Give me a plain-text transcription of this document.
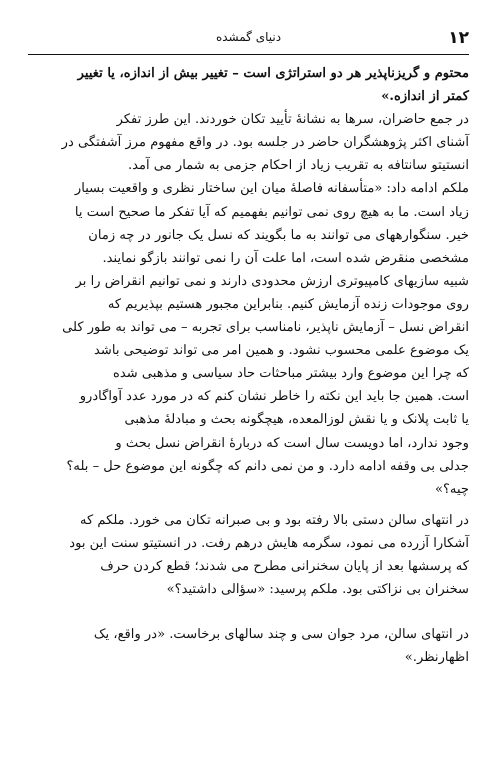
۱۲
دنیای گمشده

محتوم و گریزناپذیر هر دو استراتژی است – تغییر بیش از اندازه، یا تغییر
کمتر از اندازه.»

در جمع حاضران، سرها به نشانهٔ تأیید تکان خوردند. این طرز تفکر
آشنای اکثر پژوهشگران حاضر در جلسه بود. در واقع مفهوم مرز آشفتگی در
انستیتو سانتافه به تقریب زیاد از احکام جزمی به شمار می آمد.

ملکم ادامه داد: «متأسفانه فاصلهٔ میان این ساختار نظری و واقعیت بسیار
زیاد است. ما به هیچ روی نمی توانیم بفهمیم که آیا تفکر ما صحیح است یا
خیر. سنگوارههای می توانند به ما بگویند که نسل یک جانور در چه زمان
مشخصی منقرض شده است، اما علت آن را نمی توانند بازگو نمایند.
شبیه سازیهای کامپیوتری ارزش محدودی دارند و نمی توانیم انقراض را بر
روی موجودات زنده آزمایش کنیم. بنابراین مجبور هستیم بپذیریم که
انقراض نسل – آزمایش ناپذیر، نامناسب برای تجربه – می تواند به طور کلی
یک موضوع علمی محسوب نشود. و همین امر می تواند توضیحی باشد
که چرا این موضوع وارد بیشتر مباحثات حاد سیاسی و مذهبی شده
است. همین جا باید این نکته را خاطر نشان کنم که در مورد عدد آواگادرو
یا ثابت پلانک و یا نقش لوزالمعده، هیچگونه بحث و مبادلهٔ مذهبی
وجود ندارد، اما دویست سال است که دربارهٔ انقراض نسل بحث و
جدلی بی وقفه ادامه دارد. و من نمی دانم که چگونه این موضوع حل – بله؟
چیه؟»

در انتهای سالن دستی بالا رفته بود و بی صبرانه تکان می خورد. ملکم که
آشکارا آزرده می نمود، سگرمه هایش درهم رفت. در انستیتو سنت این بود
که پرسشها بعد از پایان سخنرانی مطرح می شدند؛ قطع کردن حرف
سخنران بی نزاکتی بود. ملکم پرسید: «سؤالی داشتید؟»

در انتهای سالن، مرد جوان سی و چند سالهای برخاست. «در واقع، یک
اظهارنظر.»
